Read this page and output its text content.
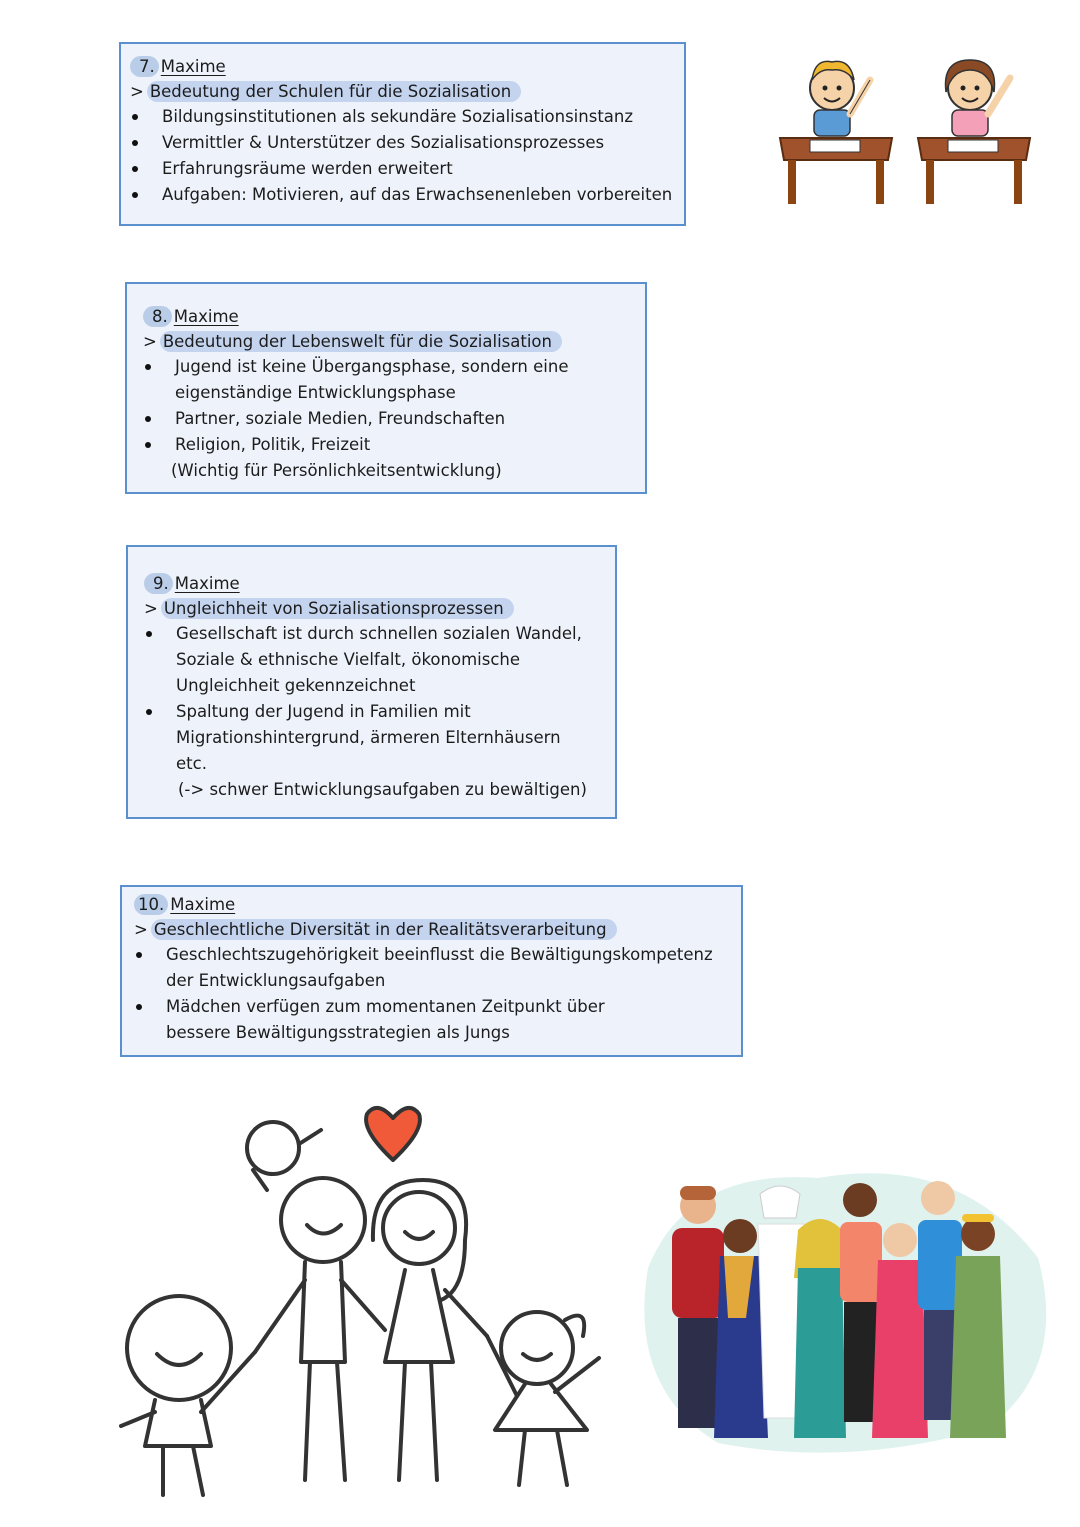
7. Maxime
> Bedeutung der Schulen für die Sozialisation
Bildungsinstitutionen als sekundäre Sozialisationsinstanz
Vermittler & Unterstützer des Sozialisationsprozesses
Erfahrungsräume werden erweitert
Aufgaben: Motivieren, auf das Erwachsenenleben vorbereiten
8. Maxime
> Bedeutung der Lebenswelt für die Sozialisation
Jugend ist keine Übergangsphase, sondern eine eigenständige Entwicklungsphase
Partner, soziale Medien, Freundschaften
Religion, Politik, Freizeit
(Wichtig für Persönlichkeitsentwicklung)
9. Maxime
> Ungleichheit von Sozialisationsprozessen
Gesellschaft ist durch schnellen sozialen Wandel, Soziale & ethnische Vielfalt, ökonomische Ungleichheit gekennzeichnet
Spaltung der Jugend in Familien mit Migrationshintergrund, ärmeren Elternhäusern etc.
(-> schwer Entwicklungsaufgaben zu bewältigen)
10. Maxime
> Geschlechtliche Diversität in der Realitätsverarbeitung
Geschlechtszugehörigkeit beeinflusst die Bewältigungskompetenz der Entwicklungsaufgaben
Mädchen verfügen zum momentanen Zeitpunkt über bessere Bewältigungsstrategien als Jungs
